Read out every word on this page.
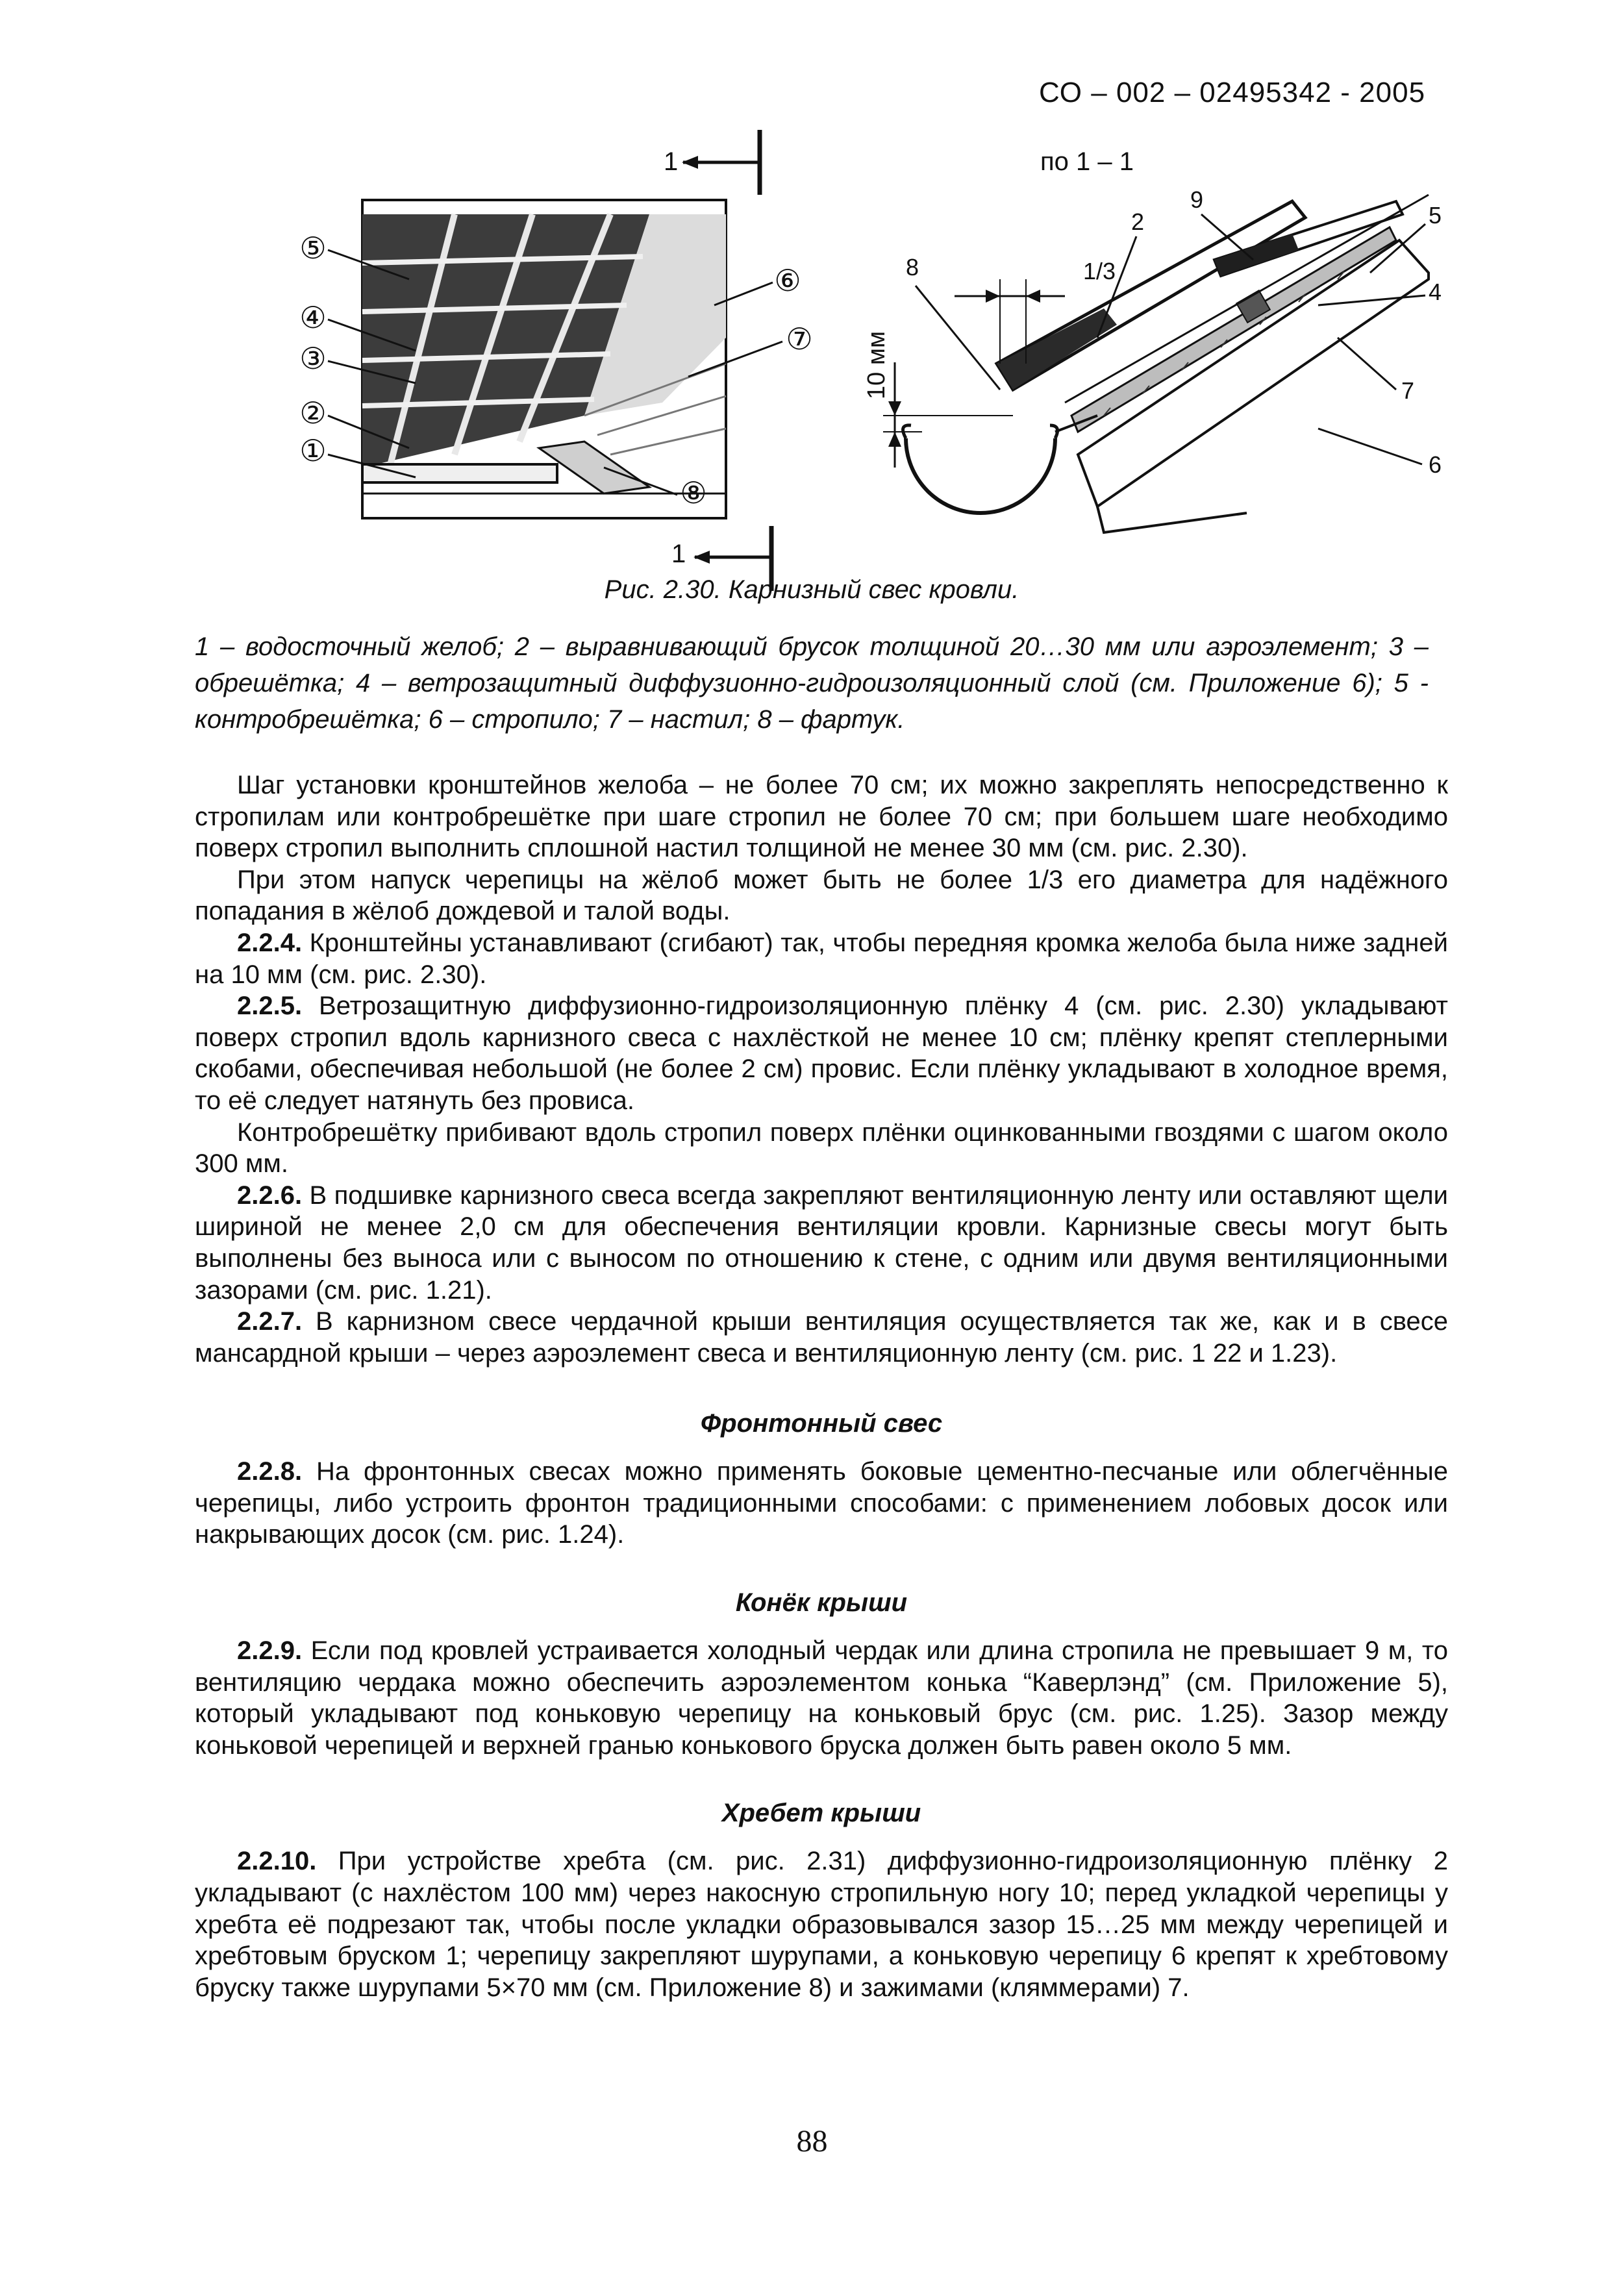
СО – 002 – 02495342 - 2005
1
⑤
④
③
②
①
⑥
⑦
⑧
1
по 1 – 1
10 мм
1/3
2
9
5
4
7
6
8
Рис. 2.30. Карнизный свес кровли.
1 – водосточный желоб; 2 – выравнивающий брусок толщиной 20…30 мм или аэроэлемент; 3 – обрешётка; 4 – ветрозащитный диффузионно-гидроизоляционный слой (см. Приложение 6); 5 - контробрешётка; 6 – стропило; 7 – настил; 8 – фартук.

Шаг установки кронштейнов желоба – не более 70 см; их можно закреплять непосредственно к стропилам или контробрешётке при шаге стропил не более 70 см; при большем шаге необходимо поверх стропил выполнить сплошной настил толщиной не менее 30 мм (см. рис. 2.30).

При этом напуск черепицы на жёлоб может быть не более 1/3 его диаметра для надёжного попадания в жёлоб дождевой и талой воды.

2.2.4. Кронштейны устанавливают (сгибают) так, чтобы передняя кромка желоба была ниже задней на 10 мм (см. рис. 2.30).

2.2.5. Ветрозащитную диффузионно-гидроизоляционную плёнку 4 (см. рис. 2.30) укладывают поверх стропил вдоль карнизного свеса с нахлёсткой не менее 10 см; плёнку крепят степлерными скобами, обеспечивая небольшой (не более 2 см) провис. Если плёнку укладывают в холодное время, то её следует натянуть без провиса.

Контробрешётку прибивают вдоль стропил поверх плёнки оцинкованными гвоздями с шагом около 300 мм.

2.2.6. В подшивке карнизного свеса всегда закрепляют вентиляционную ленту или оставляют щели шириной не менее 2,0 см для обеспечения вентиляции кровли. Карнизные свесы могут быть выполнены без выноса или с выносом по отношению к стене, с одним или двумя вентиляционными зазорами (см. рис. 1.21).

2.2.7. В карнизном свесе чердачной крыши вентиляция осуществляется так же, как и в свесе мансардной крыши – через аэроэлемент свеса и вентиляционную ленту (см. рис. 1 22 и 1.23).

Фронтонный свес

2.2.8. На фронтонных свесах можно применять боковые цементно-песчаные или облегчённые черепицы, либо устроить фронтон традиционными способами: с применением лобовых досок или накрывающих досок (см. рис. 1.24).

Конёк крыши

2.2.9. Если под кровлей устраивается холодный чердак или длина стропила не превышает 9 м, то вентиляцию чердака можно обеспечить аэроэлементом конька “Каверлэнд” (см. Приложение 5), который укладывают под коньковую черепицу на коньковый брус (см. рис. 1.25). Зазор между коньковой черепицей и верхней гранью конькового бруска должен быть равен около 5 мм.

Хребет крыши

2.2.10. При устройстве хребта (см. рис. 2.31) диффузионно-гидроизоляционную плёнку 2 укладывают (с нахлёстом 100 мм) через накосную стропильную ногу 10; перед укладкой черепицы у хребта её подрезают так, чтобы после укладки образовывался зазор 15…25 мм между черепицей и хребтовым бруском 1; черепицу закрепляют шурупами, а коньковую черепицу 6 крепят к хребтовому бруску также шурупами 5×70 мм (см. Приложение 8) и зажимами (кляммерами) 7.

88
